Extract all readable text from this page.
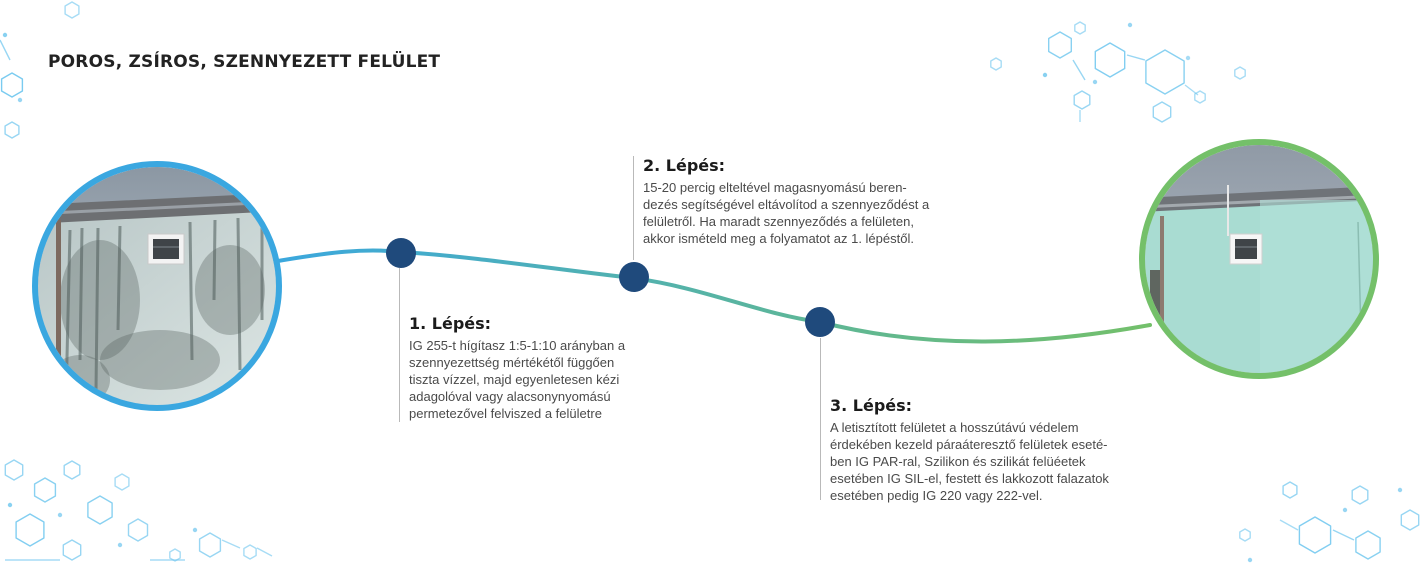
POROS, ZSÍROS, SZENNYEZETT FELÜLET
1. Lépés:
IG 255-t hígítasz 1:5-1:10 arányban a
szennyezettség mértékétől függően
tiszta vízzel, majd egyenletesen kézi
adagolóval vagy alacsonynyomású
permetezővel felviszed a felületre
2. Lépés:
15-20 percig elteltével magasnyomású beren-
dezés segítségével eltávolítod a szennyeződést a
felületről. Ha maradt szennyeződés a felületen,
akkor ismételd meg a folyamatot az 1. lépéstől.
3. Lépés:
A letisztított felületet a hosszútávú védelem
érdekében kezeld páraáteresztő felületek eseté-
ben IG PAR-ral, Szilikon és szilikát felüéetek
esetében IG SIL-el, festett és lakkozott falazatok
esetében pedig IG 220 vagy 222-vel.
